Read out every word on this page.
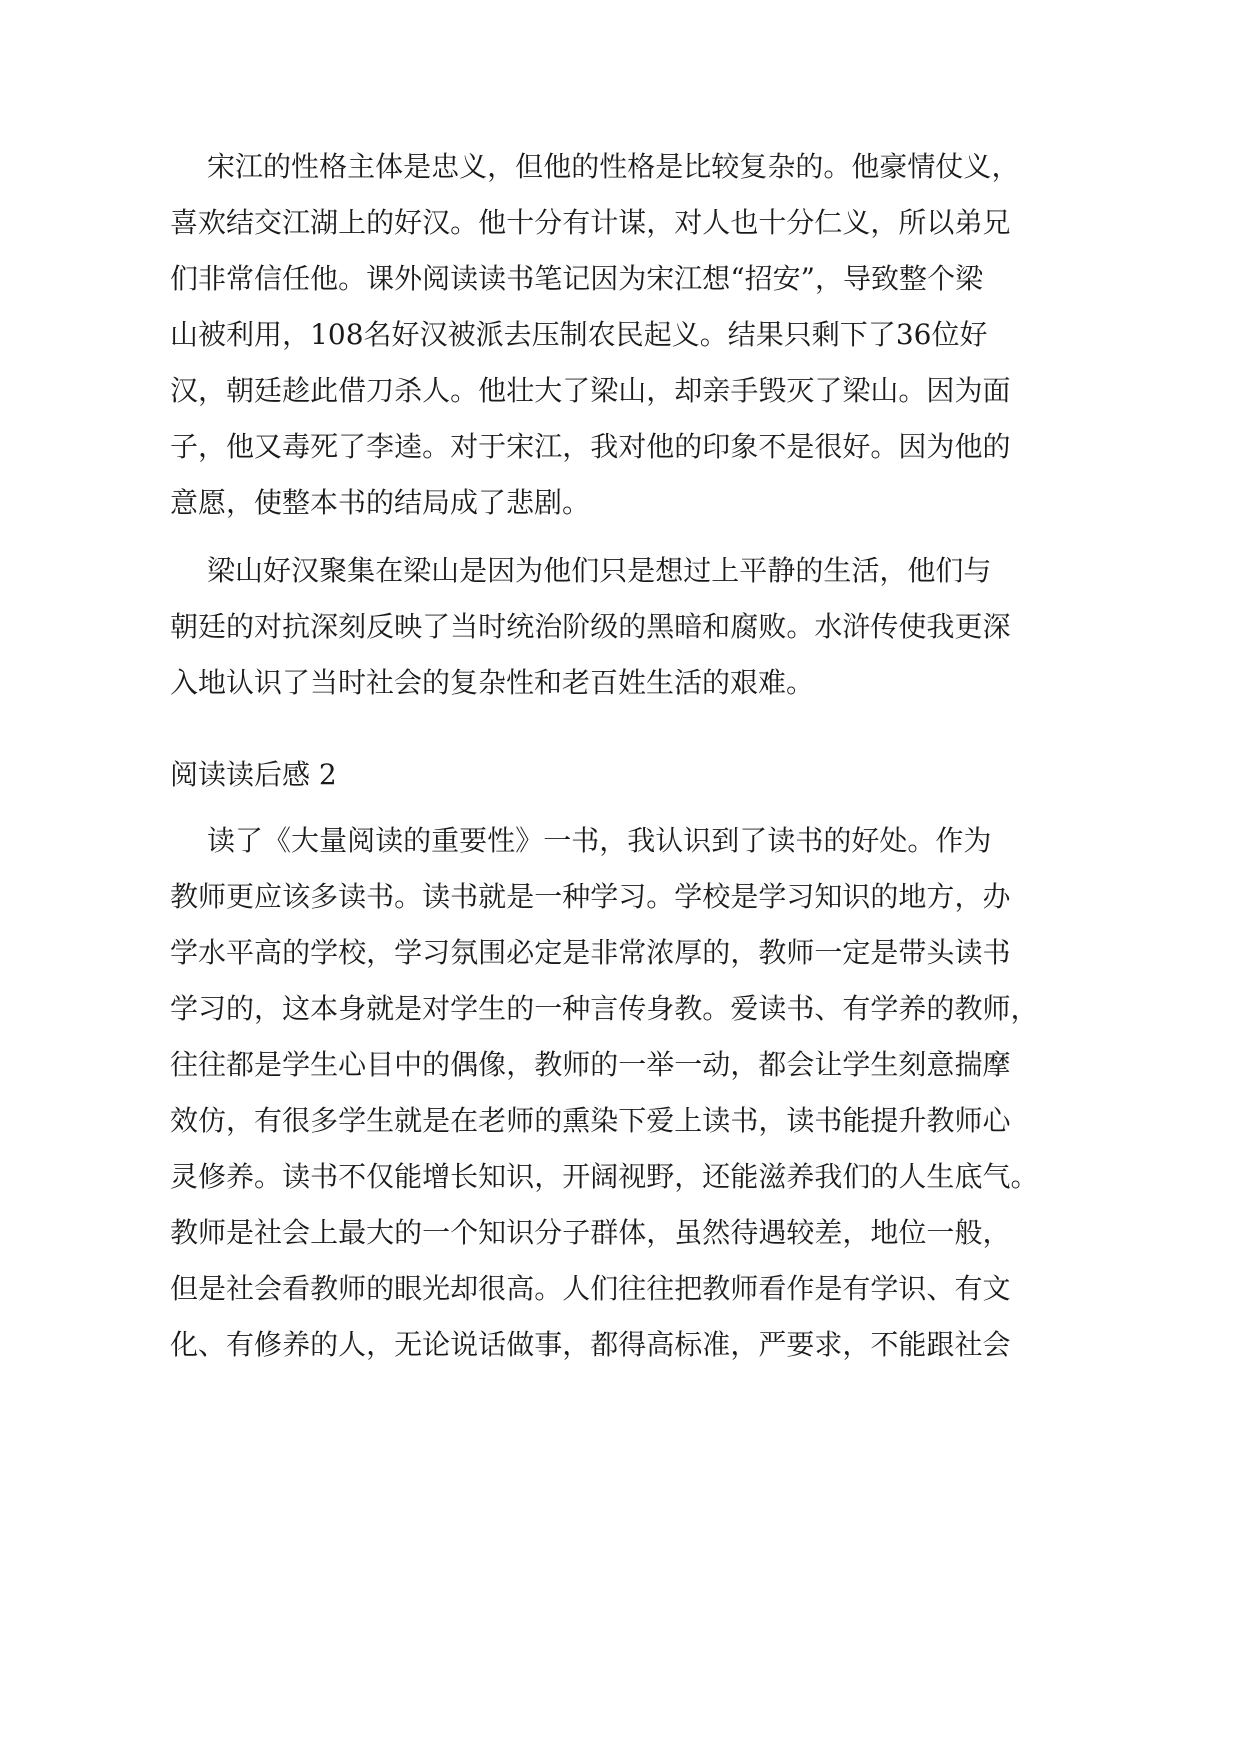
宋 江 的 性 格 主 体 是 忠 义 ， 但 他 的 性 格 是 比 较 复 杂 的 。 他 豪 情 仗 义 ，
喜 欢 结 交 江 湖 上 的 好 汉 。 他 十 分 有 计 谋 ， 对 人 也 十 分 仁 义 ， 所 以 弟 兄
们 非 常 信 任 他 。 课 外 阅 读 读 书 笔 记 因 为 宋 江 想 “ 招 安 ” ， 导 致 整 个 梁
山 被 利 用 ， 108 名 好 汉 被 派 去 压 制 农 民 起 义 。 结 果 只 剩 下 了 36 位 好
汉 ， 朝 廷 趁 此 借 刀 杀 人 。 他 壮 大 了 梁 山 ， 却 亲 手 毁 灭 了 梁 山 。 因 为 面
子 ， 他 又 毒 死 了 李 逵 。 对 于 宋 江 ， 我 对 他 的 印 象 不 是 很 好 。 因 为 他 的
意愿，使整本书的结局成了悲剧。
梁 山 好 汉 聚 集 在 梁 山 是 因 为 他 们 只 是 想 过 上 平 静 的 生 活 ， 他 们 与
朝 廷 的 对 抗 深 刻 反 映 了 当 时 统 治 阶 级 的 黑 暗 和 腐 败 。 水 浒 传 使 我 更 深
入地认识了当时社会的复杂性和老百姓生活的艰难。
阅读读后感 2
读 了 《 大 量 阅 读 的 重 要 性 》 一 书 ， 我 认 识 到 了 读 书 的 好 处 。 作 为
教 师 更 应 该 多 读 书 。 读 书 就 是 一 种 学 习 。 学 校 是 学 习 知 识 的 地 方 ， 办
学 水 平 高 的 学 校 ， 学 习 氛 围 必 定 是 非 常 浓 厚 的 ， 教 师 一 定 是 带 头 读 书
学 习 的 ， 这 本 身 就 是 对 学 生 的 一 种 言 传 身 教 。 爱 读 书 、 有 学 养 的 教 师 ，
往 往 都 是 学 生 心 目 中 的 偶 像 ， 教 师 的 一 举 一 动 ， 都 会 让 学 生 刻 意 揣 摩
效 仿 ， 有 很 多 学 生 就 是 在 老 师 的 熏 染 下 爱 上 读 书 ， 读 书 能 提 升 教 师 心
灵 修 养 。 读 书 不 仅 能 增 长 知 识 ， 开 阔 视 野 ， 还 能 滋 养 我 们 的 人 生 底 气 。
教 师 是 社 会 上 最 大 的 一 个 知 识 分 子 群 体 ， 虽 然 待 遇 较 差 ， 地 位 一 般 ，
但 是 社 会 看 教 师 的 眼 光 却 很 高 。 人 们 往 往 把 教 师 看 作 是 有 学 识 、 有 文
化 、 有 修 养 的 人 ， 无 论 说 话 做 事 ， 都 得 高 标 准 ， 严 要 求 ， 不 能 跟 社 会
